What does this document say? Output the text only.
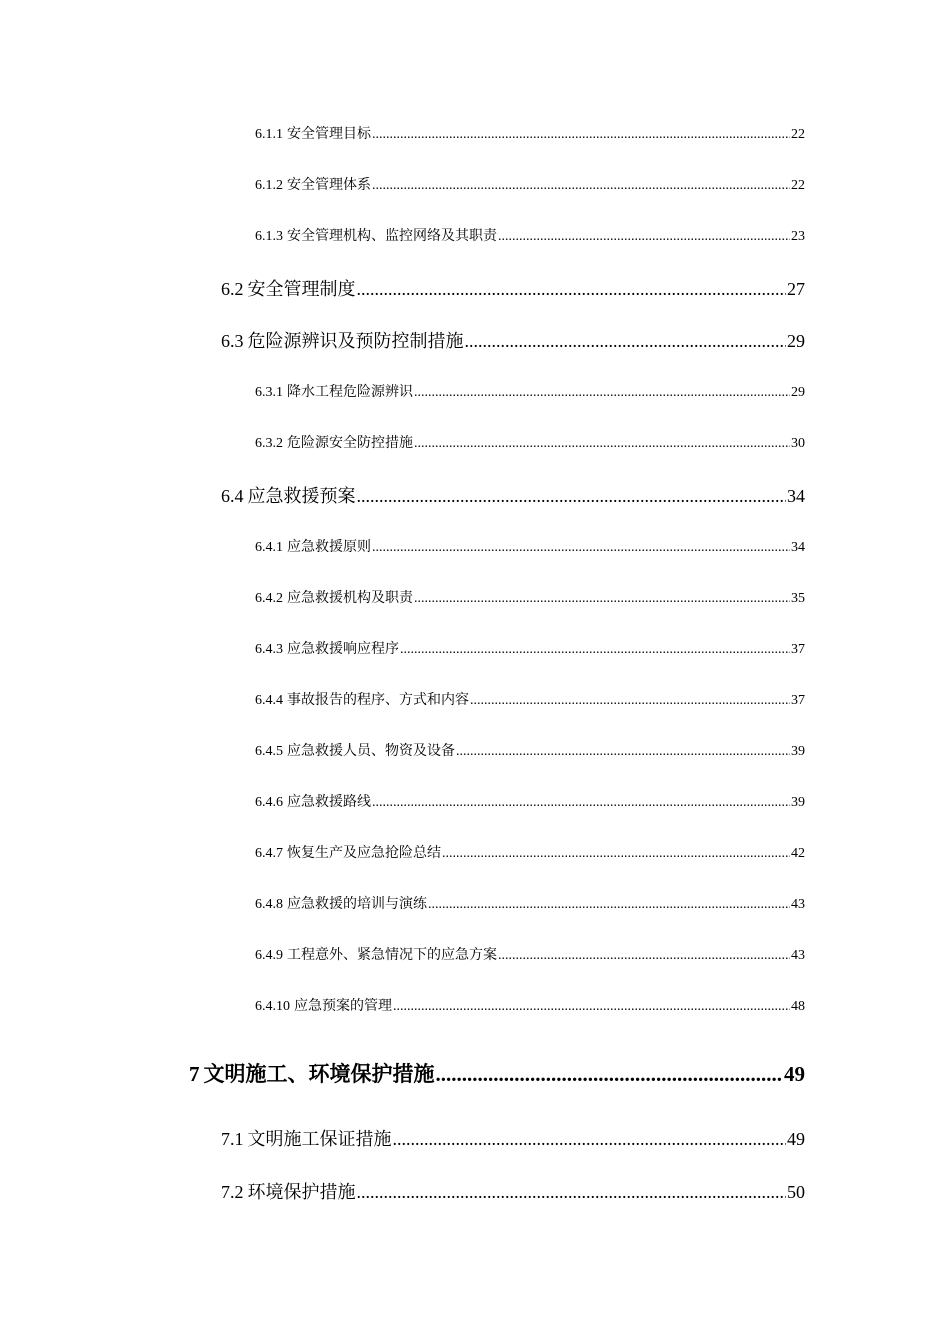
6.1.1 安全管理目标 .....	22
6.1.2 安全管理体系 .....	22
6.1.3 安全管理机构、监控网络及其职责 .....	23
6.2 安全管理制度 .....	27
6.3 危险源辨识及预防控制措施 .....	29
6.3.1 降水工程危险源辨识 .....	29
6.3.2 危险源安全防控措施 .....	30
6.4 应急救援预案 .....	34
6.4.1 应急救援原则 .....	34
6.4.2 应急救援机构及职责 .....	35
6.4.3 应急救援响应程序 .....	37
6.4.4 事故报告的程序、方式和内容 .....	37
6.4.5 应急救援人员、物资及设备 .....	39
6.4.6 应急救援路线 .....	39
6.4.7 恢复生产及应急抢险总结 .....	42
6.4.8 应急救援的培训与演练 .....	43
6.4.9 工程意外、紧急情况下的应急方案 .....	43
6.4.10 应急预案的管理 .....	48
7 文明施工、环境保护措施 .....	49
7.1 文明施工保证措施 .....	49
7.2 环境保护措施 .....	50
